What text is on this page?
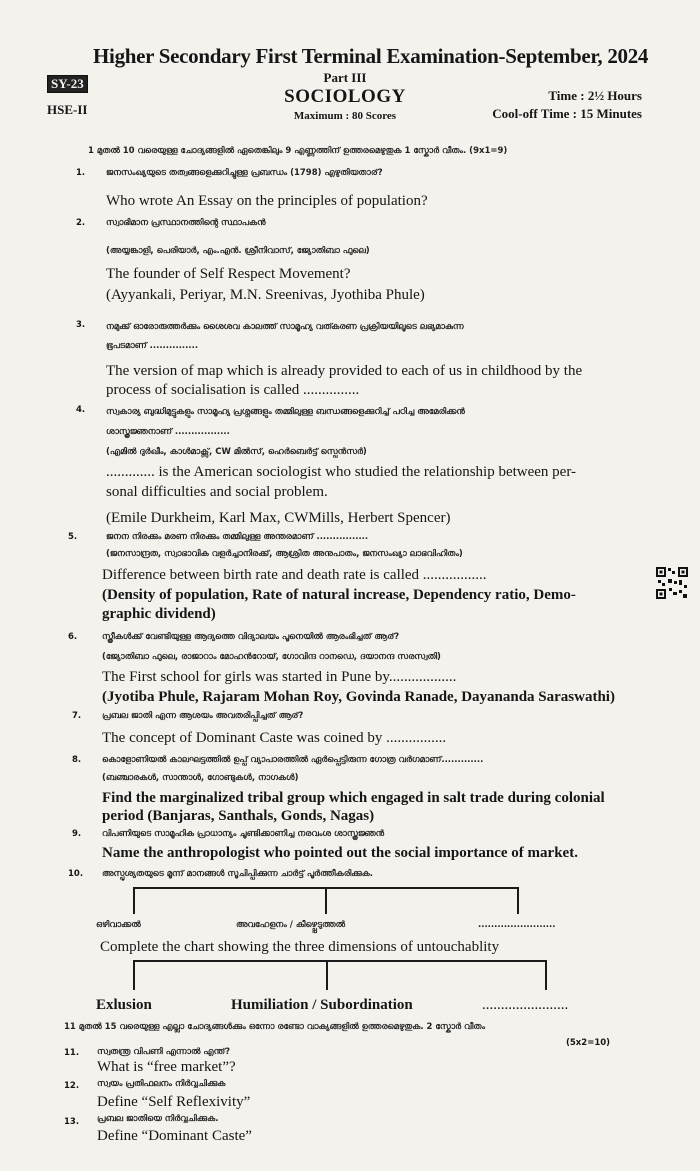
Higher Secondary First Terminal Examination-September, 2024
SY-23
HSE-II
Part III
SOCIOLOGY
Maximum : 80 Scores
Time : 2½ Hours
Cool-off Time : 15 Minutes
1 മുതൽ 10 വരെയുള്ള ചോദ്യങ്ങളിൽ ഏതെങ്കിലും 9 എണ്ണത്തിന് ഉത്തരമെഴുതുക 1 സ്കോർ വീതം. (9x1=9)
1. ജനസംഖ്യയുടെ തത്വങ്ങളെക്കുറിച്ചുള്ള പ്രബന്ധം (1798) എഴുതിയതാര്?
Who wrote An Essay on the principles of population?
2. സ്വാഭിമാന പ്രസ്ഥാനത്തിന്റെ സ്ഥാപകൻ
(അയ്യങ്കാളി, പെരിയാർ, എം.എൻ. ശ്രീനിവാസ്, ജ്യോതിബാ ഫുലെ)
The founder of Self Respect Movement?
(Ayyankali, Periyar, M.N. Sreenivas, Jyothiba Phule)
3. നമുക്ക് ഓരോരുത്തർക്കും ശൈശവ കാലത്ത് സാമൂഹ്യ വത്കരണ പ്രക്രിയയിലൂടെ ലഭ്യമാകുന്ന
ഭൂപടമാണ് ...............
The version of map which is already provided to each of us in childhood by the
process of socialisation is called ...............
4. സ്വകാര്യ ബുദ്ധിമുട്ടുകളും സാമൂഹ്യ പ്രശ്നങ്ങളും തമ്മിലുള്ള ബന്ധങ്ങളെക്കുറിച്ച് പഠിച്ച അമേരിക്കൻ
ശാസ്ത്രജ്ഞനാണ് .................
(എമിൽ ദുർഖീം, കാൾമാക്സ്, CW മിൽസ്, ഹെർബെർട്ട് സ്പെൻസർ)
............. is the American sociologist who studied the relationship between per-
sonal difficulties and social problem.
(Emile Durkheim, Karl Max, CWMills, Herbert Spencer)
5.	ജനന നിരക്കും മരണ നിരക്കും തമ്മിലുള്ള അന്തരമാണ് ................
(ജനസാന്ദ്രത, സ്വാഭാവിക വളർച്ചാനിരക്ക്, ആശ്രിത അനുപാതം, ജനസംഖ്യാ ലാഭവിഹിതം)
Difference between birth rate and death rate is called .................
(Density of population, Rate of natural increase, Dependency ratio, Demo-
graphic dividend)
6.	സ്ത്രീകൾക്ക് വേണ്ടിയുള്ള ആദ്യത്തെ വിദ്യാലയം പൂനെയിൽ ആരംഭിച്ചത് ആര്?
(ജ്യോതിബാ ഫുലെ, രാജാറാം മോഹൻറോയ്, ഗോവിന്ദ റാനഡെ, ദയാനന്ദ സരസ്വതി)
The First school for girls was started in Pune by..................
(Jyotiba Phule, Rajaram Mohan Roy, Govinda Ranade, Dayananda Saraswathi)
7. പ്രബല ജാതി എന്ന ആശയം അവതരിപ്പിച്ചത് ആര്?
The concept of Dominant Caste was coined by ................
8. കൊളോണിയൽ കാലഘട്ടത്തിൽ ഉപ്പ് വ്യാപാരത്തിൽ ഏർപ്പെട്ടിരുന്ന ഗോത്ര വർഗമാണ്.............
(ബഞ്ചാരകൾ, സാന്താൾ, ഗോണ്ടുകൾ, നാഗകൾ)
Find the marginalized tribal group which engaged in salt trade during colonial
period (Banjaras, Santhals, Gonds, Nagas)
9. വിപണിയുടെ സാമൂഹിക പ്രാധാന്യം ചൂണ്ടിക്കാണിച്ച നരവംശ ശാസ്ത്രജ്ഞൻ
Name the anthropologist who pointed out the social importance of market.
10. അസ്പൃശ്യതയുടെ മൂന്ന് മാനങ്ങൾ സൂചിപ്പിക്കുന്ന ചാർട്ട് പൂർത്തീകരിക്കുക.
ഒഴിവാക്കൽ	അവഹേളനം / കീഴ്പ്പെടുത്തൽ	........................
Complete the chart showing the three dimensions of untouchablity
Exlusion	Humiliation / Subordination	.......................
11 മുതൽ 15 വരെയുള്ള എല്ലാ ചോദ്യങ്ങൾക്കും ഒന്നോ രണ്ടോ വാക്യങ്ങളിൽ ഉത്തരമെഴുതുക. 2 സ്കോർ വീതം
(5x2=10)
11. സ്വതന്ത്ര വിപണി എന്നാൽ എന്ത്?
What is “free market”?
12. സ്വയം പ്രതിഫലനം നിർവ്വചിക്കുക
Define “Self Reflexivity”
13. പ്രബല ജാതിയെ നിർവ്വചിക്കുക.
Define “Dominant Caste”
